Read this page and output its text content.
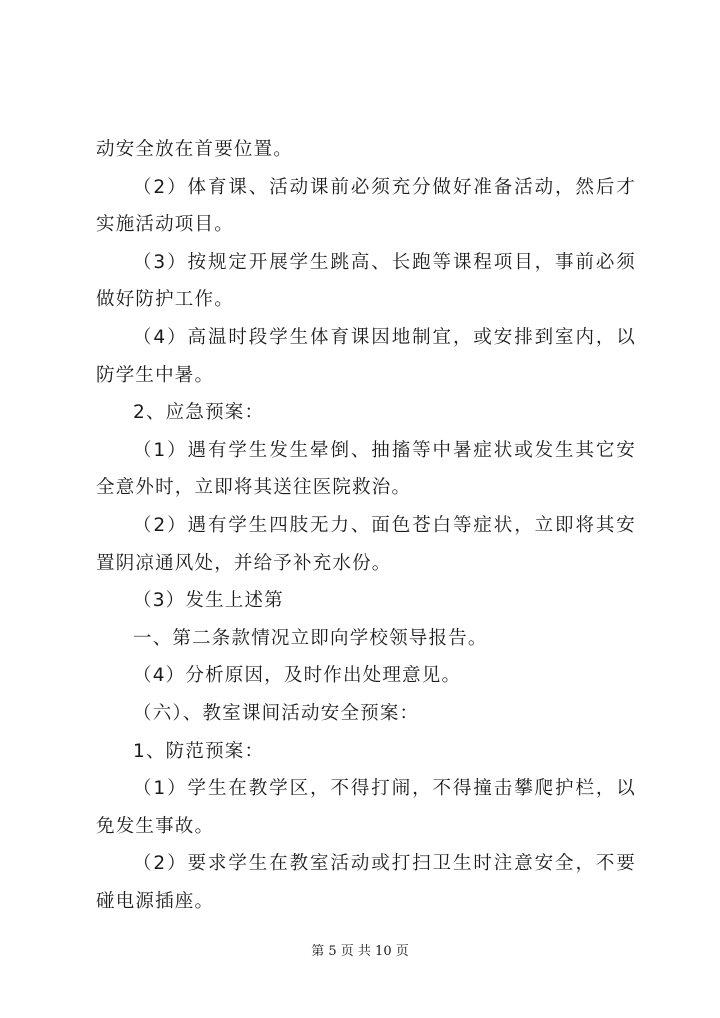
动安全放在首要位置。

（2）体育课、活动课前必须充分做好准备活动，然后才实施活动项目。

（3）按规定开展学生跳高、长跑等课程项目，事前必须做好防护工作。

（4）高温时段学生体育课因地制宜，或安排到室内，以防学生中暑。

2、应急预案：

（1）遇有学生发生晕倒、抽搐等中暑症状或发生其它安全意外时，立即将其送往医院救治。

（2）遇有学生四肢无力、面色苍白等症状，立即将其安置阴凉通风处，并给予补充水份。

（3）发生上述第

一、第二条款情况立即向学校领导报告。

（4）分析原因，及时作出处理意见。

（六）、教室课间活动安全预案：

1、防范预案：

（1）学生在教学区，不得打闹，不得撞击攀爬护栏，以免发生事故。

（2）要求学生在教室活动或打扫卫生时注意安全，不要碰电源插座。

第 5 页 共 10 页
